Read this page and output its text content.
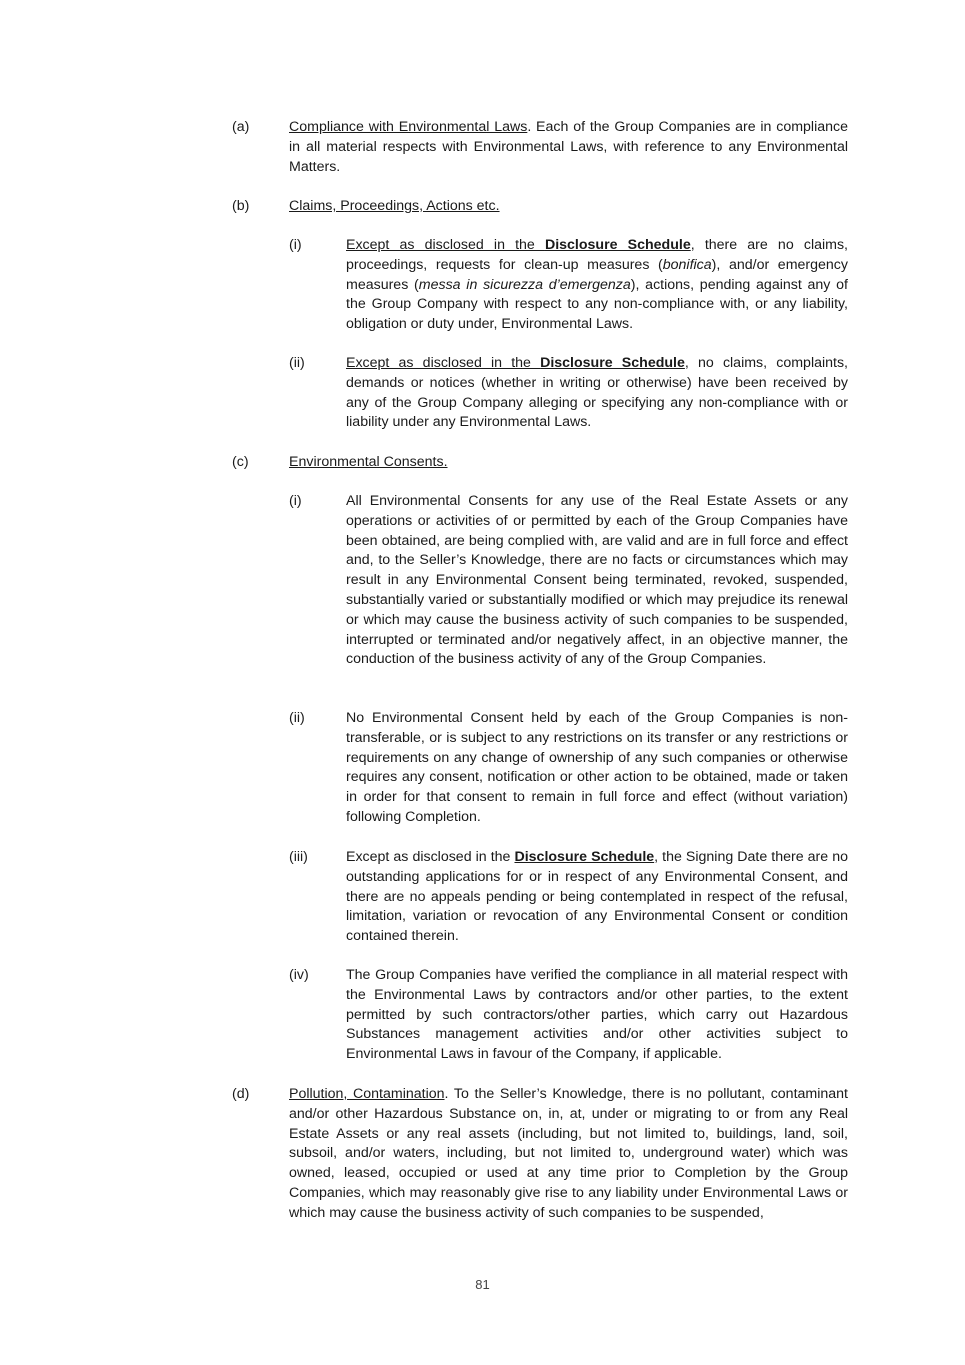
(a)	Compliance with Environmental Laws. Each of the Group Companies are in compliance in all material respects with Environmental Laws, with reference to any Environmental Matters.
(b)	Claims, Proceedings, Actions etc.
(i)	Except as disclosed in the Disclosure Schedule, there are no claims, proceedings, requests for clean-up measures (bonifica), and/or emergency measures (messa in sicurezza d’emergenza), actions, pending against any of the Group Company with respect to any non-compliance with, or any liability, obligation or duty under, Environmental Laws.
(ii)	Except as disclosed in the Disclosure Schedule, no claims, complaints, demands or notices (whether in writing or otherwise) have been received by any of the Group Company alleging or specifying any non-compliance with or liability under any Environmental Laws.
(c)	Environmental Consents.
(i)	All Environmental Consents for any use of the Real Estate Assets or any operations or activities of or permitted by each of the Group Companies have been obtained, are being complied with, are valid and are in full force and effect and, to the Seller’s Knowledge, there are no facts or circumstances which may result in any Environmental Consent being terminated, revoked, suspended, substantially varied or substantially modified or which may prejudice its renewal or which may cause the business activity of such companies to be suspended, interrupted or terminated and/or negatively affect, in an objective manner, the conduction of the business activity of any of the Group Companies.
(ii)	No Environmental Consent held by each of the Group Companies is non-transferable, or is subject to any restrictions on its transfer or any restrictions or requirements on any change of ownership of any such companies or otherwise requires any consent, notification or other action to be obtained, made or taken in order for that consent to remain in full force and effect (without variation) following Completion.
(iii)	Except as disclosed in the Disclosure Schedule, the Signing Date there are no outstanding applications for or in respect of any Environmental Consent, and there are no appeals pending or being contemplated in respect of the refusal, limitation, variation or revocation of any Environmental Consent or condition contained therein.
(iv)	The Group Companies have verified the compliance in all material respect with the Environmental Laws by contractors and/or other parties, to the extent permitted by such contractors/other parties, which carry out Hazardous Substances management activities and/or other activities subject to Environmental Laws in favour of the Company, if applicable.
(d)	Pollution, Contamination. To the Seller’s Knowledge, there is no pollutant, contaminant and/or other Hazardous Substance on, in, at, under or migrating to or from any Real Estate Assets or any real assets (including, but not limited to, buildings, land, soil, subsoil, and/or waters, including, but not limited to, underground water) which was owned, leased, occupied or used at any time prior to Completion by the Group Companies, which may reasonably give rise to any liability under Environmental Laws or which may cause the business activity of such companies to be suspended,
81
